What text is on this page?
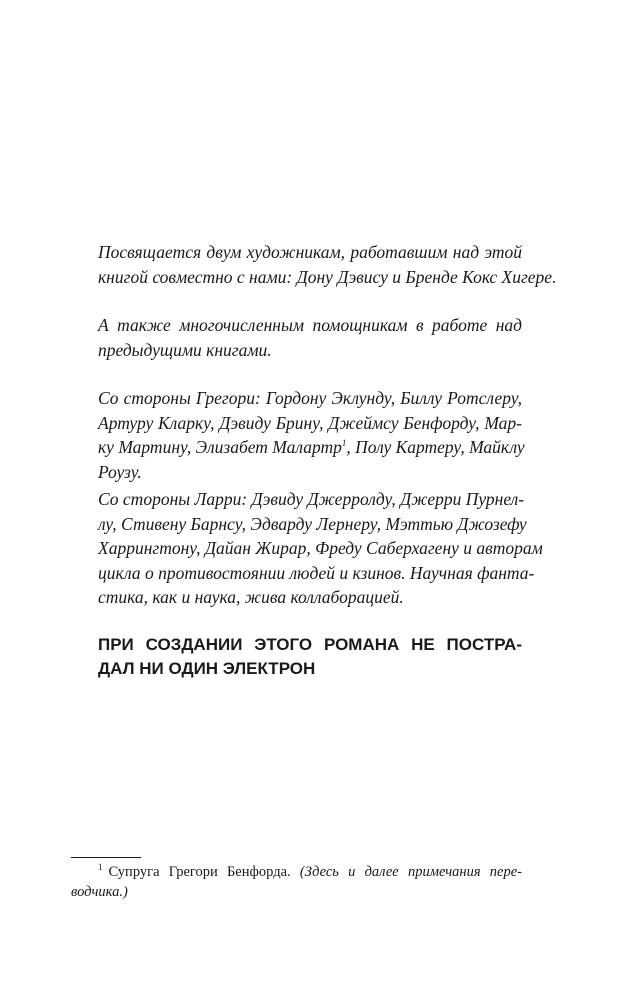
Посвящается двум художникам, работавшим над этой
книгой совместно с нами: Дону Дэвису и Бренде Кокс Хигере.

А также многочисленным помощникам в работе над
предыдущими книгами.

Со стороны Грегори: Гордону Эклунду, Биллу Ротслеру,
Артуру Кларку, Дэвиду Брину, Джеймсу Бенфорду, Мар-
ку Мартину, Элизабет Малартр$^1$, Полу Картеру, Майклу
Роузу.

Со стороны Ларри: Дэвиду Джерролду, Джерри Пурнел-
лу, Стивену Барнсу, Эдварду Лернеру, Мэттью Джозефу
Харрингтону, Дайан Жирар, Фреду Саберхагену и авторам
цикла о противостоянии людей и кзинов. Научная фанта-
стика, как и наука, жива коллаборацией.

ПРИ СОЗДАНИИ ЭТОГО РОМАНА НЕ ПОСТРА-
ДАЛ НИ ОДИН ЭЛЕКТРОН

$^1$ Супруга Грегори Бенфорда. (Здесь и далее примечания пере-
водчика.)
